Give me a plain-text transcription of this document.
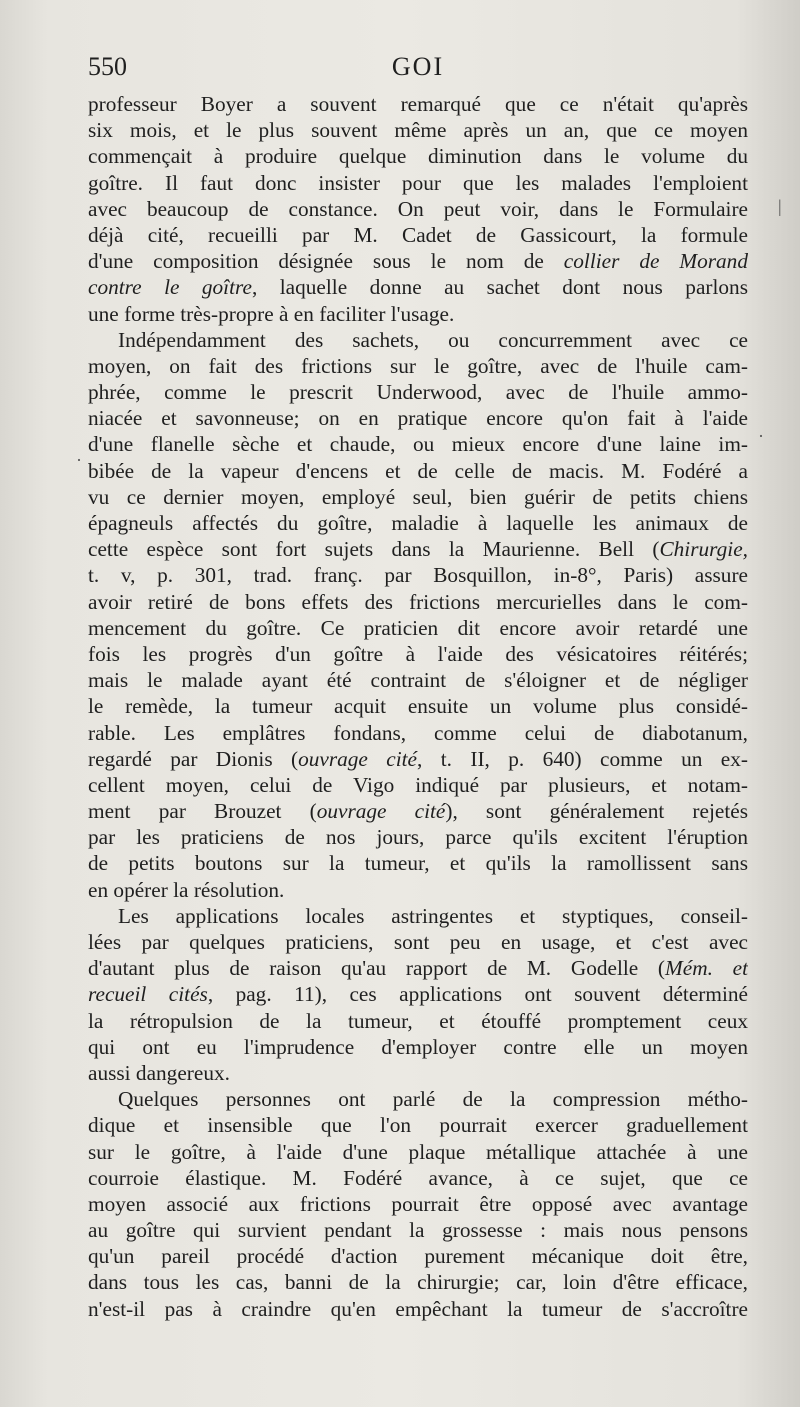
550	GOI
professeur Boyer a souvent remarqué que ce n'était qu'après
six mois, et le plus souvent même après un an, que ce moyen
commençait à produire quelque diminution dans le volume du
goître. Il faut donc insister pour que les malades l'emploient
avec beaucoup de constance. On peut voir, dans le Formulaire
déjà cité, recueilli par M. Cadet de Gassicourt, la formule
d'une composition désignée sous le nom de collier de Morand
contre le goître, laquelle donne au sachet dont nous parlons
une forme très-propre à en faciliter l'usage.
Indépendamment des sachets, ou concurremment avec ce
moyen, on fait des frictions sur le goître, avec de l'huile cam-
phrée, comme le prescrit Underwood, avec de l'huile ammo-
niacée et savonneuse; on en pratique encore qu'on fait à l'aide
d'une flanelle sèche et chaude, ou mieux encore d'une laine im-
bibée de la vapeur d'encens et de celle de macis. M. Fodéré a
vu ce dernier moyen, employé seul, bien guérir de petits chiens
épagneuls affectés du goître, maladie à laquelle les animaux de
cette espèce sont fort sujets dans la Maurienne. Bell (Chirurgie,
t. v, p. 301, trad. franç. par Bosquillon, in-8°, Paris) assure
avoir retiré de bons effets des frictions mercurielles dans le com-
mencement du goître. Ce praticien dit encore avoir retardé une
fois les progrès d'un goître à l'aide des vésicatoires réitérés;
mais le malade ayant été contraint de s'éloigner et de négliger
le remède, la tumeur acquit ensuite un volume plus considé-
rable. Les emplâtres fondans, comme celui de diabotanum,
regardé par Dionis (ouvrage cité, t. II, p. 640) comme un ex-
cellent moyen, celui de Vigo indiqué par plusieurs, et notam-
ment par Brouzet (ouvrage cité), sont généralement rejetés
par les praticiens de nos jours, parce qu'ils excitent l'éruption
de petits boutons sur la tumeur, et qu'ils la ramollissent sans
en opérer la résolution.
Les applications locales astringentes et styptiques, conseil-
lées par quelques praticiens, sont peu en usage, et c'est avec
d'autant plus de raison qu'au rapport de M. Godelle (Mém. et
recueil cités, pag. 11), ces applications ont souvent déterminé
la rétropulsion de la tumeur, et étouffé promptement ceux
qui ont eu l'imprudence d'employer contre elle un moyen
aussi dangereux.
Quelques personnes ont parlé de la compression métho-
dique et insensible que l'on pourrait exercer graduellement
sur le goître, à l'aide d'une plaque métallique attachée à une
courroie élastique. M. Fodéré avance, à ce sujet, que ce
moyen associé aux frictions pourrait être opposé avec avantage
au goître qui survient pendant la grossesse : mais nous pensons
qu'un pareil procédé d'action purement mécanique doit être,
dans tous les cas, banni de la chirurgie; car, loin d'être efficace,
n'est-il pas à craindre qu'en empêchant la tumeur de s'accroître
|
·
·
